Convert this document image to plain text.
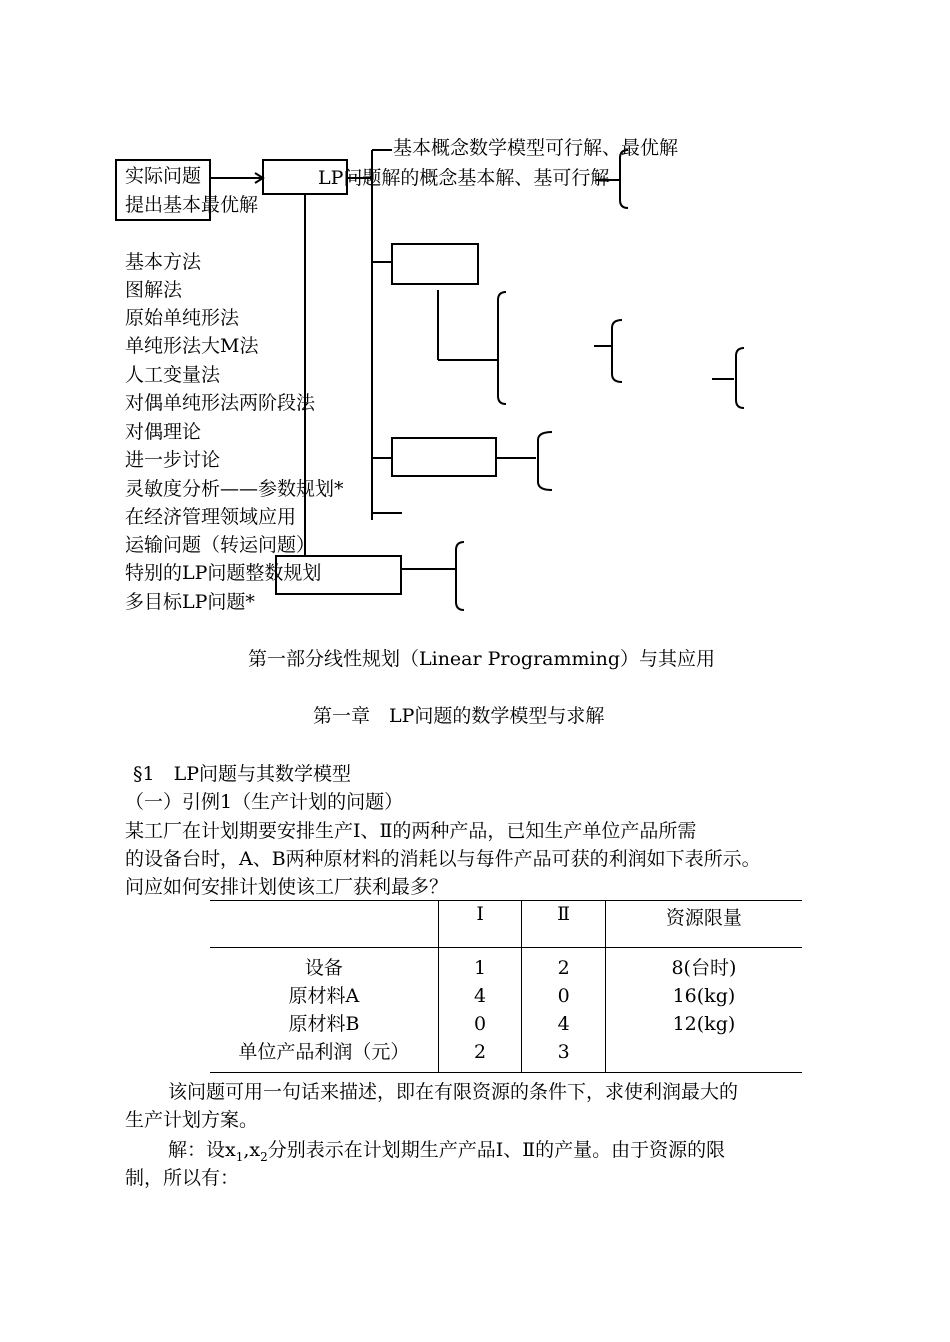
基本概念数学模型可行解、最优解
实际问题	LP问题解的概念基本解、基可行解
提出基本最优解
基本方法
图解法
原始单纯形法
单纯形法大M法
人工变量法
对偶单纯形法两阶段法
对偶理论
进一步讨论
灵敏度分析——参数规划*
在经济管理领域应用
运输问题（转运问题）
特别的LP问题整数规划
多目标LP问题*
第一部分线性规划（Linear Programming）与其应用
第一章　LP问题的数学模型与求解
§1　LP问题与其数学模型
（一）引例1（生产计划的问题）
某工厂在计划期要安排生产Ⅰ、Ⅱ的两种产品，已知生产单位产品所需
的设备台时，A、B两种原材料的消耗以与每件产品可获的利润如下表所示。
问应如何安排计划使该工厂获利最多？
	Ⅰ	Ⅱ	资源限量
设备	1	2	8(台时)
原材料A	4	0	16(kg)
原材料B	0	4	12(kg)
单位产品利润（元）	2	3	
该问题可用一句话来描述，即在有限资源的条件下，求使利润最大的
生产计划方案。
解：设$x_1,x_2$分别表示在计划期生产产品Ⅰ、Ⅱ的产量。由于资源的限
制，所以有：
